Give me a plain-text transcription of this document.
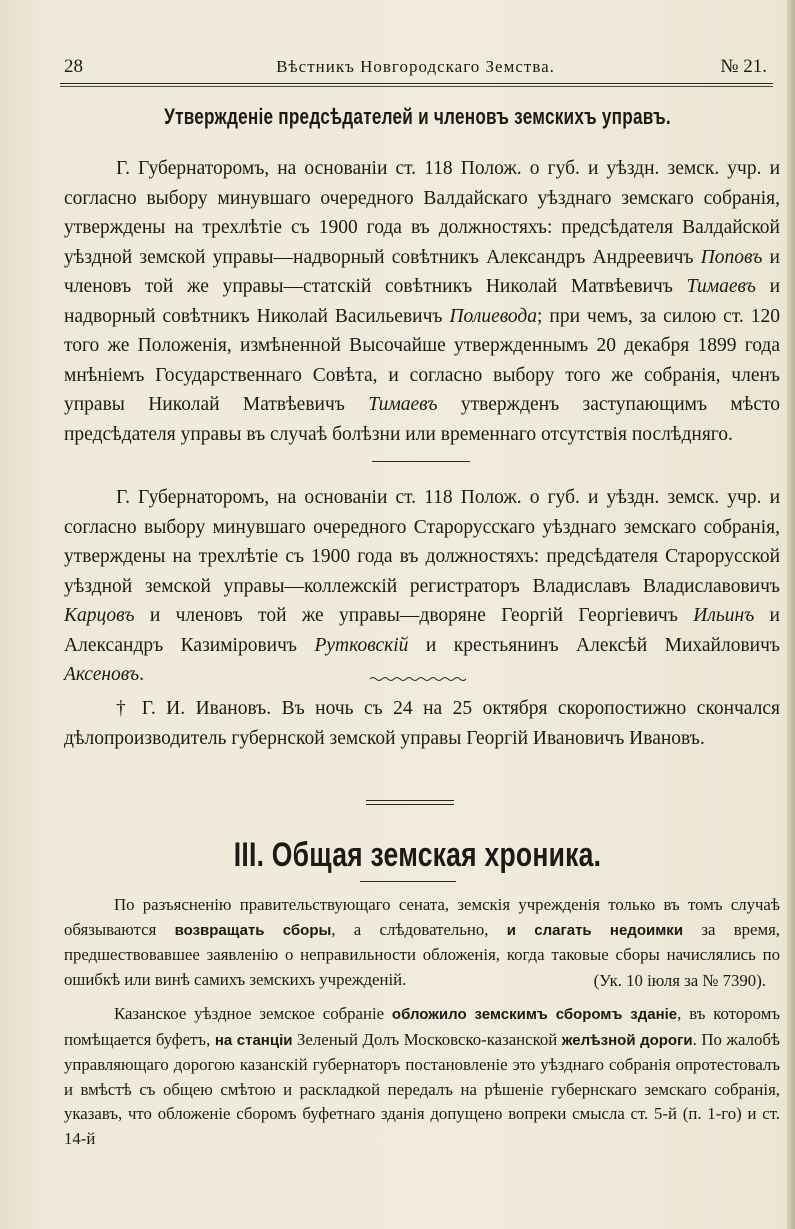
28	Вѣстникъ Новгородскаго Земства.	№ 21.
Утвержденіе предсѣдателей и членовъ земскихъ управъ.

Г. Губернаторомъ, на основаніи ст. 118 Полож. о губ. и уѣздн. земск. учр. и согласно выбору минувшаго очередного Валдайскаго уѣзднаго земскаго собранія, утверждены на трехлѣтіе съ 1900 года въ должностяхъ: предсѣдателя Валдайской уѣздной земской управы—надворный совѣтникъ Александръ Андреевичъ Поповъ и членовъ той же управы—статскій совѣтникъ Николай Матвѣевичъ Тимаевъ и надворный совѣтникъ Николай Васильевичъ Полиевода; при чемъ, за силою ст. 120 того же Положенія, измѣненной Высочайше утвержденнымъ 20 декабря 1899 года мнѣніемъ Государственнаго Совѣта, и согласно выбору того же собранія, членъ управы Николай Матвѣевичъ Тимаевъ утвержденъ заступающимъ мѣсто предсѣдателя управы въ случаѣ болѣзни или временнаго отсутствія послѣдняго.

Г. Губернаторомъ, на основаніи ст. 118 Полож. о губ. и уѣздн. земск. учр. и согласно выбору минувшаго очередного Старорусскаго уѣзднаго земскаго собранія, утверждены на трехлѣтіе съ 1900 года въ должностяхъ: предсѣдателя Старорусской уѣздной земской управы—коллежскій регистраторъ Владиславъ Владиславовичъ Карцовъ и членовъ той же управы—дворяне Георгій Георгіевичъ Ильинъ и Александръ Казиміровичъ Рутковскій и крестьянинъ Алексѣй Михайловичъ Аксеновъ.

† Г. И. Ивановъ. Въ ночь съ 24 на 25 октября скоропостижно скончался дѣлопроизводитель губернской земской управы Георгій Ивановичъ Ивановъ.

III. Общая земская хроника.

По разъясненію правительствующаго сената, земскія учрежденія только въ томъ случаѣ обязываются возвращать сборы, а слѣдовательно, и слагать недоимки за время, предшествовавшее заявленію о неправильности обложенія, когда таковые сборы начислялись по ошибкѣ или винѣ самихъ земскихъ учрежденій.	(Ук. 10 іюля за № 7390).

Казанское уѣздное земское собраніе обложило земскимъ сборомъ зданіе, въ которомъ помѣщается буфетъ, на станціи Зеленый Долъ Московско-казанской желѣзной дороги. По жалобѣ управляющаго дорогою казанскій губернаторъ постановленіе это уѣзднаго собранія опротестовалъ и вмѣстѣ съ общею смѣтою и раскладкой передалъ на рѣшеніе губернскаго земскаго собранія, указавъ, что обложеніе сборомъ буфетнаго зданія допущено вопреки смысла ст. 5-й (п. 1-го) и ст. 14-й
